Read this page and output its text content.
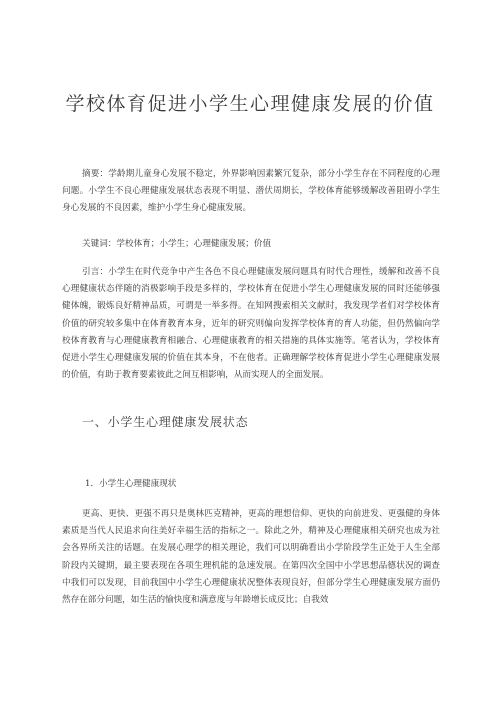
学校体育促进小学生心理健康发展的价值

摘要：学龄期儿童身心发展不稳定，外界影响因素繁冗复杂，部分小学生存在不同程度的心理问题。小学生不良心理健康发展状态表现不明显、潜伏周期长，学校体育能够缓解改善阻碍小学生身心发展的不良因素，维护小学生身心健康发展。

关键词：学校体育；小学生；心理健康发展；价值

引言：小学生在时代竞争中产生各色不良心理健康发展问题具有时代合理性，缓解和改善不良心理健康状态伴随的消极影响手段是多样的，学校体育在促进小学生心理健康发展的同时还能够强健体魄，锻炼良好精神品质，可谓是一举多得。在知网搜索相关文献时，我发现学者们对学校体育价值的研究较多集中在体育教育本身，近年的研究则偏向发挥学校体育的育人功能，但仍然偏向学校体育教育与心理健康教育相融合、心理健康教育的相关措施的具体实施等。笔者认为，学校体育促进小学生心理健康发展的价值在其本身，不在他者。正确理解学校体育促进小学生心理健康发展的价值，有助于教育要素彼此之间互相影响，从而实现人的全面发展。

一、小学生心理健康发展状态
1．小学生心理健康现状

更高、更快、更强不再只是奥林匹克精神，更高的理想信仰、更快的向前进发、更强健的身体素质是当代人民追求向往美好幸福生活的指标之一。除此之外，精神及心理健康相关研究也成为社会各界所关注的话题。在发展心理学的相关理论，我们可以明确看出小学阶段学生正处于人生全部阶段内关键期，最主要表现在各项生理机能的急速发展。在第四次全国中小学思想品德状况的调查中我们可以发现，目前我国中小学生心理健康状况整体表现良好，但部分学生心理健康发展方面仍然存在部分问题，如生活的愉快度和满意度与年龄增长成反比；自我效
